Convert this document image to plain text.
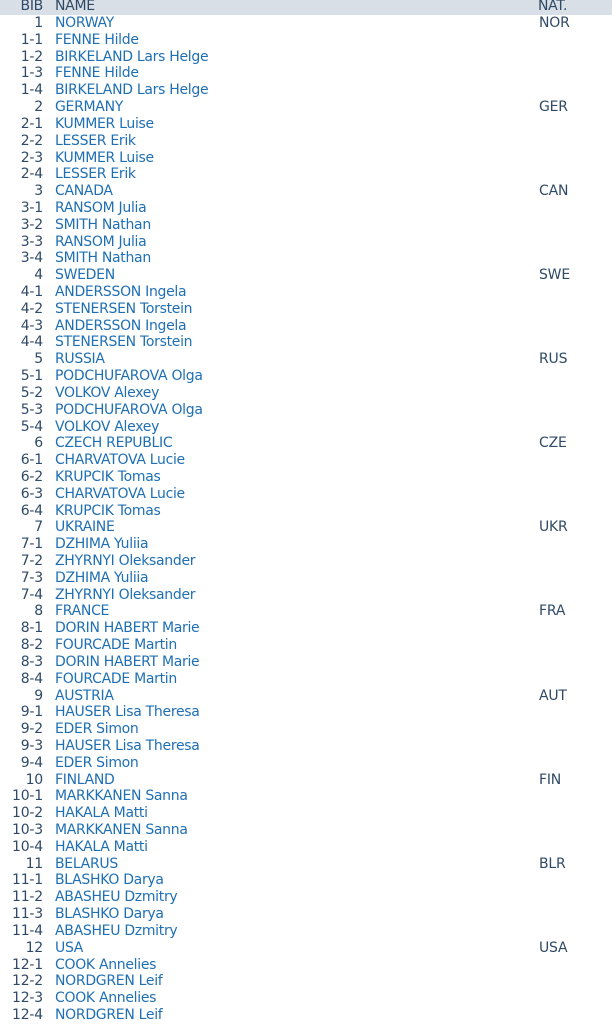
BIB NAME	NAT.
1 NORWAY	NOR
1-1 FENNE Hilde
1-2 BIRKELAND Lars Helge
1-3 FENNE Hilde
1-4 BIRKELAND Lars Helge
2 GERMANY	GER
2-1 KUMMER Luise
2-2 LESSER Erik
2-3 KUMMER Luise
2-4 LESSER Erik
3 CANADA	CAN
3-1 RANSOM Julia
3-2 SMITH Nathan
3-3 RANSOM Julia
3-4 SMITH Nathan
4 SWEDEN	SWE
4-1 ANDERSSON Ingela
4-2 STENERSEN Torstein
4-3 ANDERSSON Ingela
4-4 STENERSEN Torstein
5 RUSSIA	RUS
5-1 PODCHUFAROVA Olga
5-2 VOLKOV Alexey
5-3 PODCHUFAROVA Olga
5-4 VOLKOV Alexey
6 CZECH REPUBLIC	CZE
6-1 CHARVATOVA Lucie
6-2 KRUPCIK Tomas
6-3 CHARVATOVA Lucie
6-4 KRUPCIK Tomas
7 UKRAINE	UKR
7-1 DZHIMA Yuliia
7-2 ZHYRNYI Oleksander
7-3 DZHIMA Yuliia
7-4 ZHYRNYI Oleksander
8 FRANCE	FRA
8-1 DORIN HABERT Marie
8-2 FOURCADE Martin
8-3 DORIN HABERT Marie
8-4 FOURCADE Martin
9 AUSTRIA	AUT
9-1 HAUSER Lisa Theresa
9-2 EDER Simon
9-3 HAUSER Lisa Theresa
9-4 EDER Simon
10 FINLAND	FIN
10-1 MARKKANEN Sanna
10-2 HAKALA Matti
10-3 MARKKANEN Sanna
10-4 HAKALA Matti
11 BELARUS	BLR
11-1 BLASHKO Darya
11-2 ABASHEU Dzmitry
11-3 BLASHKO Darya
11-4 ABASHEU Dzmitry
12 USA	USA
12-1 COOK Annelies
12-2 NORDGREN Leif
12-3 COOK Annelies
12-4 NORDGREN Leif
